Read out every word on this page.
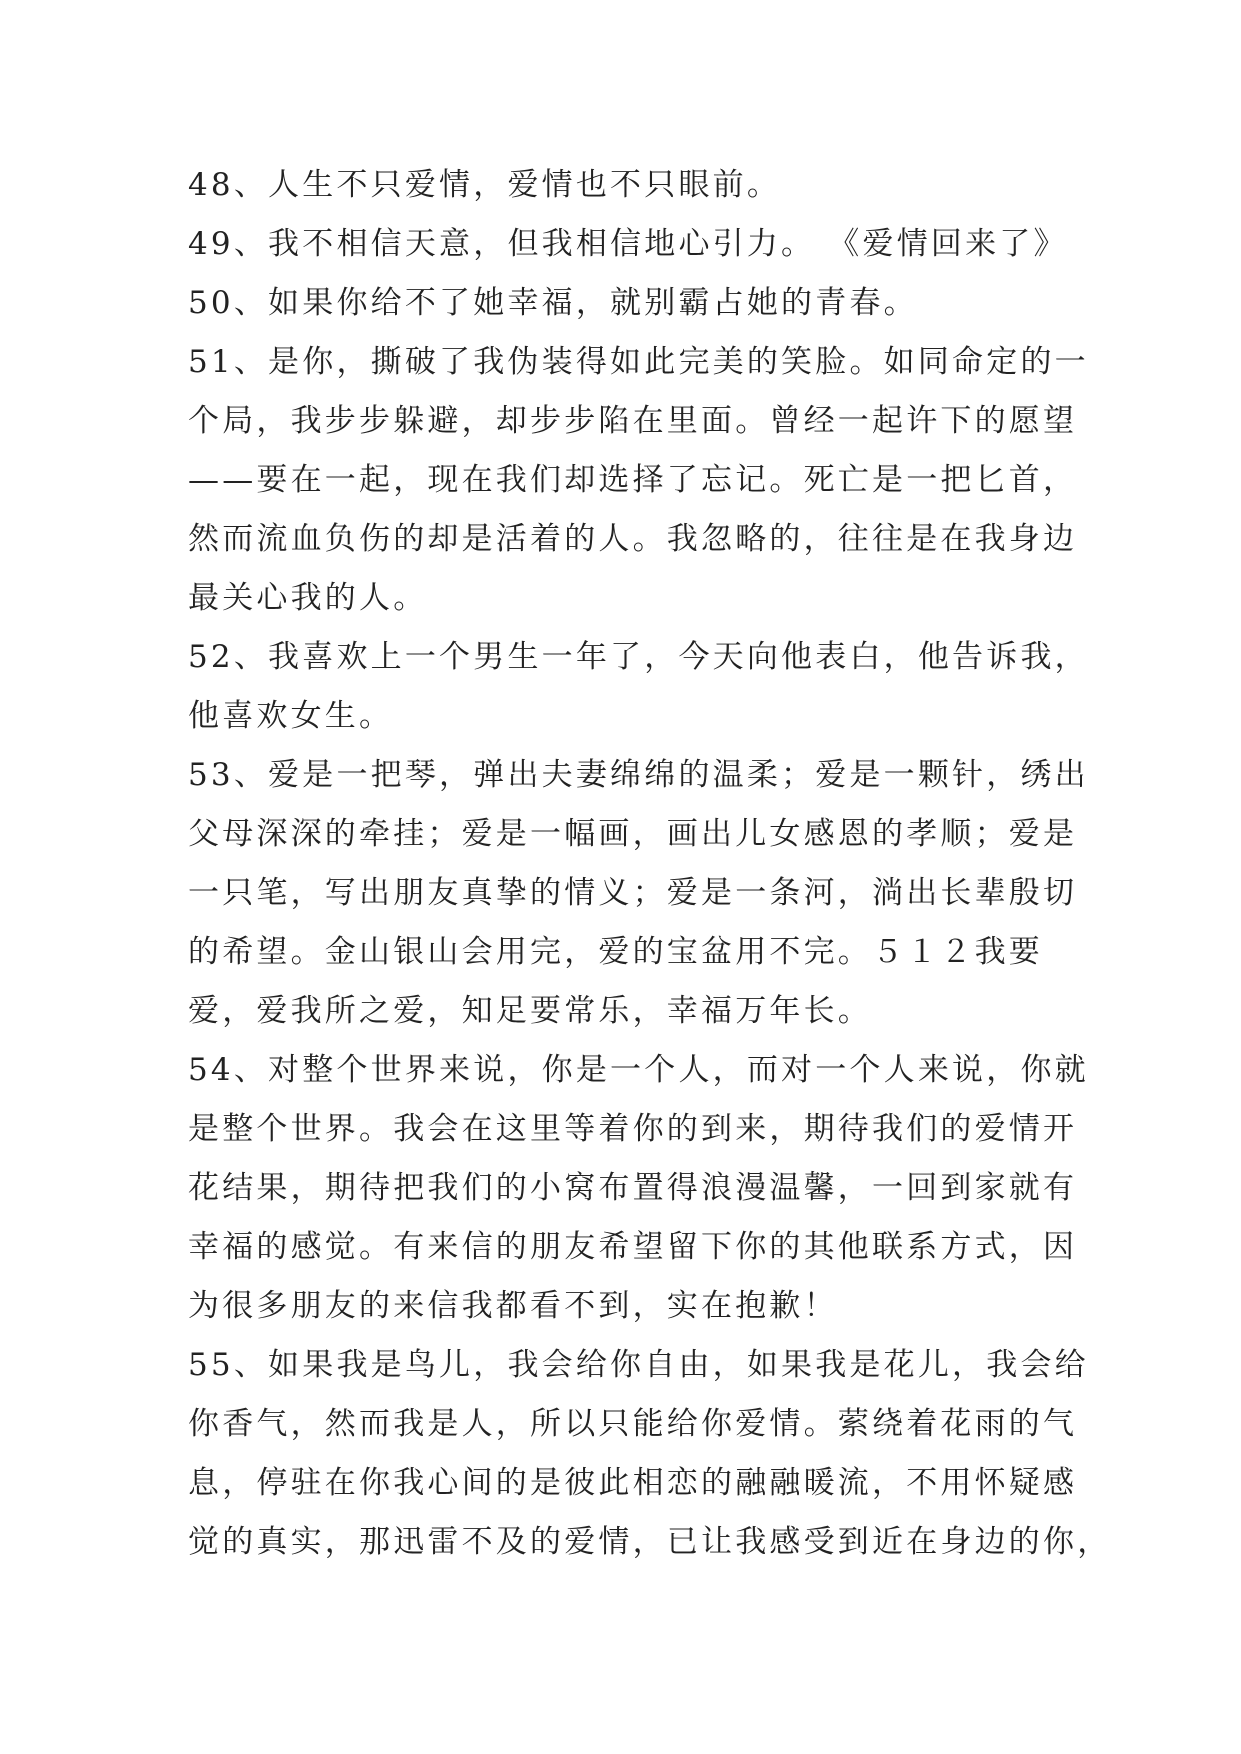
48、人生不只爱情，爱情也不只眼前。
49、我不相信天意，但我相信地心引力。 《爱情回来了》
50、如果你给不了她幸福，就别霸占她的青春。
51、是你，撕破了我伪装得如此完美的笑脸。如同命定的一
个局，我步步躲避，却步步陷在里面。曾经一起许下的愿望
——要在一起，现在我们却选择了忘记。死亡是一把匕首，
然而流血负伤的却是活着的人。我忽略的，往往是在我身边
最关心我的人。
52、我喜欢上一个男生一年了，今天向他表白，他告诉我，
他喜欢女生。
53、爱是一把琴，弹出夫妻绵绵的温柔；爱是一颗针，绣出
父母深深的牵挂；爱是一幅画，画出儿女感恩的孝顺；爱是
一只笔，写出朋友真挚的情义；爱是一条河，淌出长辈殷切
的希望。金山银山会用完，爱的宝盆用不完。５１２我要
爱，爱我所之爱，知足要常乐，幸福万年长。
54、对整个世界来说，你是一个人，而对一个人来说，你就
是整个世界。我会在这里等着你的到来，期待我们的爱情开
花结果，期待把我们的小窝布置得浪漫温馨，一回到家就有
幸福的感觉。有来信的朋友希望留下你的其他联系方式，因
为很多朋友的来信我都看不到，实在抱歉！
55、如果我是鸟儿，我会给你自由，如果我是花儿，我会给
你香气，然而我是人，所以只能给你爱情。萦绕着花雨的气
息，停驻在你我心间的是彼此相恋的融融暖流，不用怀疑感
觉的真实，那迅雷不及的爱情，已让我感受到近在身边的你，
